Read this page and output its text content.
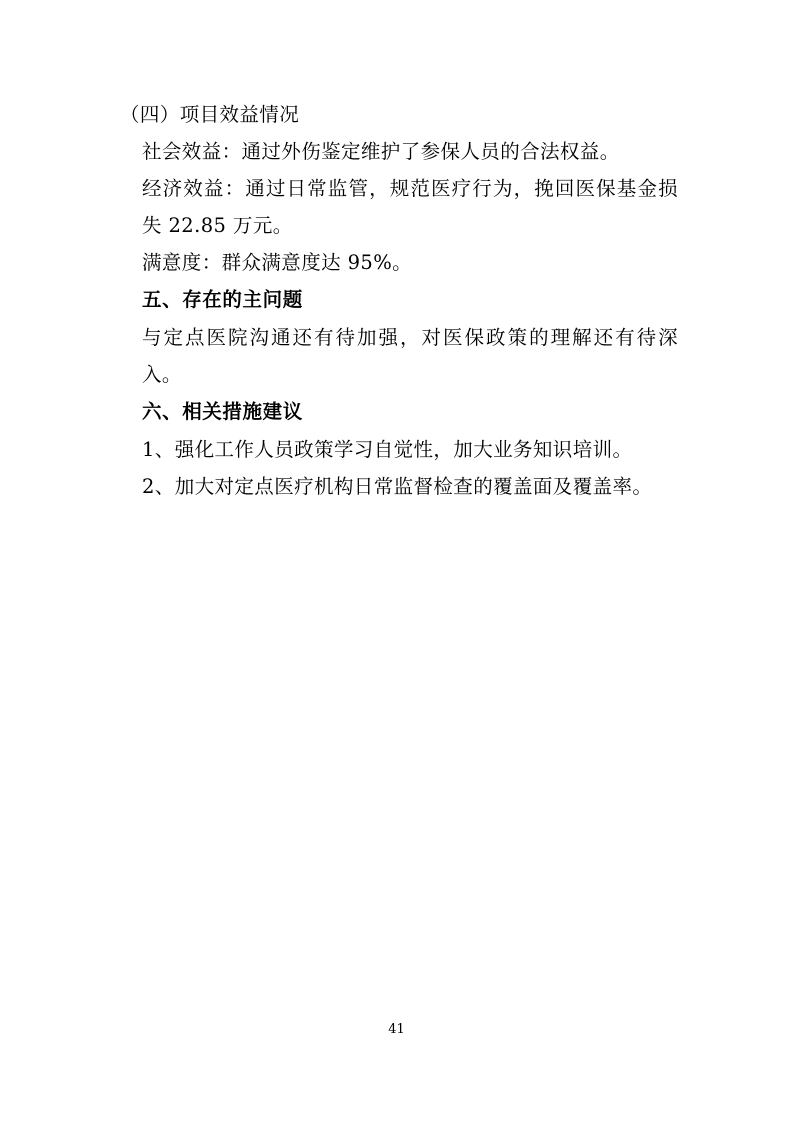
（四）项目效益情况

社会效益：通过外伤鉴定维护了参保人员的合法权益。

经济效益：通过日常监管，规范医疗行为，挽回医保基金损失 22.85 万元。

满意度：群众满意度达 95%。

五、存在的主问题

与定点医院沟通还有待加强，对医保政策的理解还有待深入。

六、相关措施建议

1、强化工作人员政策学习自觉性，加大业务知识培训。

2、加大对定点医疗机构日常监督检查的覆盖面及覆盖率。

41
